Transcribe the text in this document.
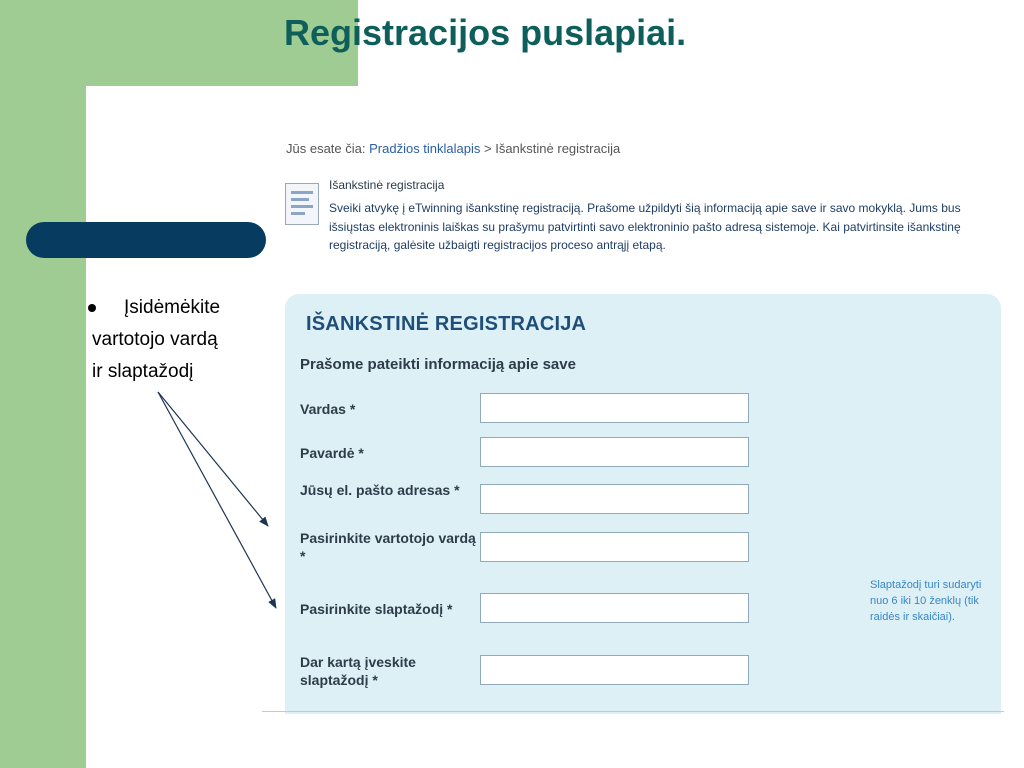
Registracijos puslapiai.
Įsidėmėkite
vartotojo vardą
ir slaptažodį
Jūs esate čia: Pradžios tinklalapis > Išankstinė registracija
Išankstinė registracija
Sveiki atvykę į eTwinning išankstinę registraciją. Prašome užpildyti šią informaciją apie save ir savo mokyklą. Jums bus išsiųstas elektroninis laiškas su prašymu patvirtinti savo elektroninio pašto adresą sistemoje. Kai patvirtinsite išankstinę registraciją, galėsite užbaigti registracijos proceso antrąjį etapą.
IŠANKSTINĖ REGISTRACIJA
Prašome pateikti informaciją apie save
Vardas *
Pavardė *
Jūsų el. pašto adresas *
Pasirinkite vartotojo vardą *
Pasirinkite slaptažodį *
Dar kartą įveskite slaptažodį *
Slaptažodį turi sudaryti nuo 6 iki 10 ženklų (tik raidės ir skaičiai).
